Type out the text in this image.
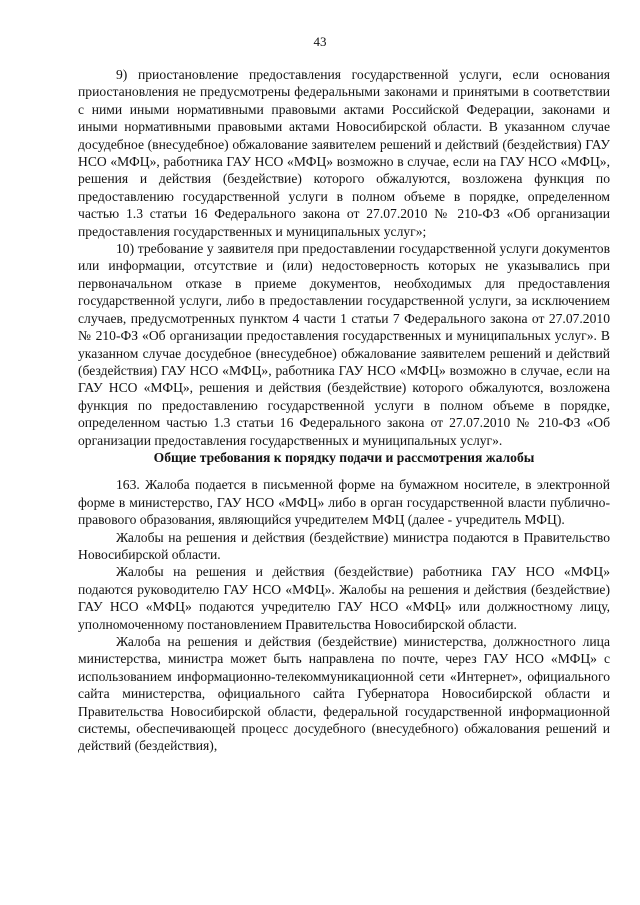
43

9) приостановление предоставления государственной услуги, если основания приостановления не предусмотрены федеральными законами и принятыми в соответствии с ними иными нормативными правовыми актами Российской Федерации, законами и иными нормативными правовыми актами Новосибирской области. В указанном случае досудебное (внесудебное) обжалование заявителем решений и действий (бездействия) ГАУ НСО «МФЦ», работника ГАУ НСО «МФЦ» возможно в случае, если на ГАУ НСО «МФЦ», решения и действия (бездействие) которого обжалуются, возложена функция по предоставлению государственной услуги в полном объеме в порядке, определенном частью 1.3 статьи 16 Федерального закона от 27.07.2010 № 210-ФЗ «Об организации предоставления государственных и муниципальных услуг»;

10) требование у заявителя при предоставлении государственной услуги документов или информации, отсутствие и (или) недостоверность которых не указывались при первоначальном отказе в приеме документов, необходимых для предоставления государственной услуги, либо в предоставлении государственной услуги, за исключением случаев, предусмотренных пунктом 4 части 1 статьи 7 Федерального закона от 27.07.2010 № 210-ФЗ «Об организации предоставления государственных и муниципальных услуг». В указанном случае досудебное (внесудебное) обжалование заявителем решений и действий (бездействия) ГАУ НСО «МФЦ», работника ГАУ НСО «МФЦ» возможно в случае, если на ГАУ НСО «МФЦ», решения и действия (бездействие) которого обжалуются, возложена функция по предоставлению государственной услуги в полном объеме в порядке, определенном частью 1.3 статьи 16 Федерального закона от 27.07.2010 № 210-ФЗ «Об организации предоставления государственных и муниципальных услуг».

Общие требования к порядку подачи и рассмотрения жалобы

163. Жалоба подается в письменной форме на бумажном носителе, в электронной форме в министерство, ГАУ НСО «МФЦ» либо в орган государственной власти публично-правового образования, являющийся учредителем МФЦ (далее - учредитель МФЦ).

Жалобы на решения и действия (бездействие) министра подаются в Правительство Новосибирской области.

Жалобы на решения и действия (бездействие) работника ГАУ НСО «МФЦ» подаются руководителю ГАУ НСО «МФЦ». Жалобы на решения и действия (бездействие) ГАУ НСО «МФЦ» подаются учредителю ГАУ НСО «МФЦ» или должностному лицу, уполномоченному постановлением Правительства Новосибирской области.

Жалоба на решения и действия (бездействие) министерства, должностного лица министерства, министра может быть направлена по почте, через ГАУ НСО «МФЦ» с использованием информационно-телекоммуникационной сети «Интернет», официального сайта министерства, официального сайта Губернатора Новосибирской области и Правительства Новосибирской области, федеральной государственной информационной системы, обеспечивающей процесс досудебного (внесудебного) обжалования решений и действий (бездействия),
